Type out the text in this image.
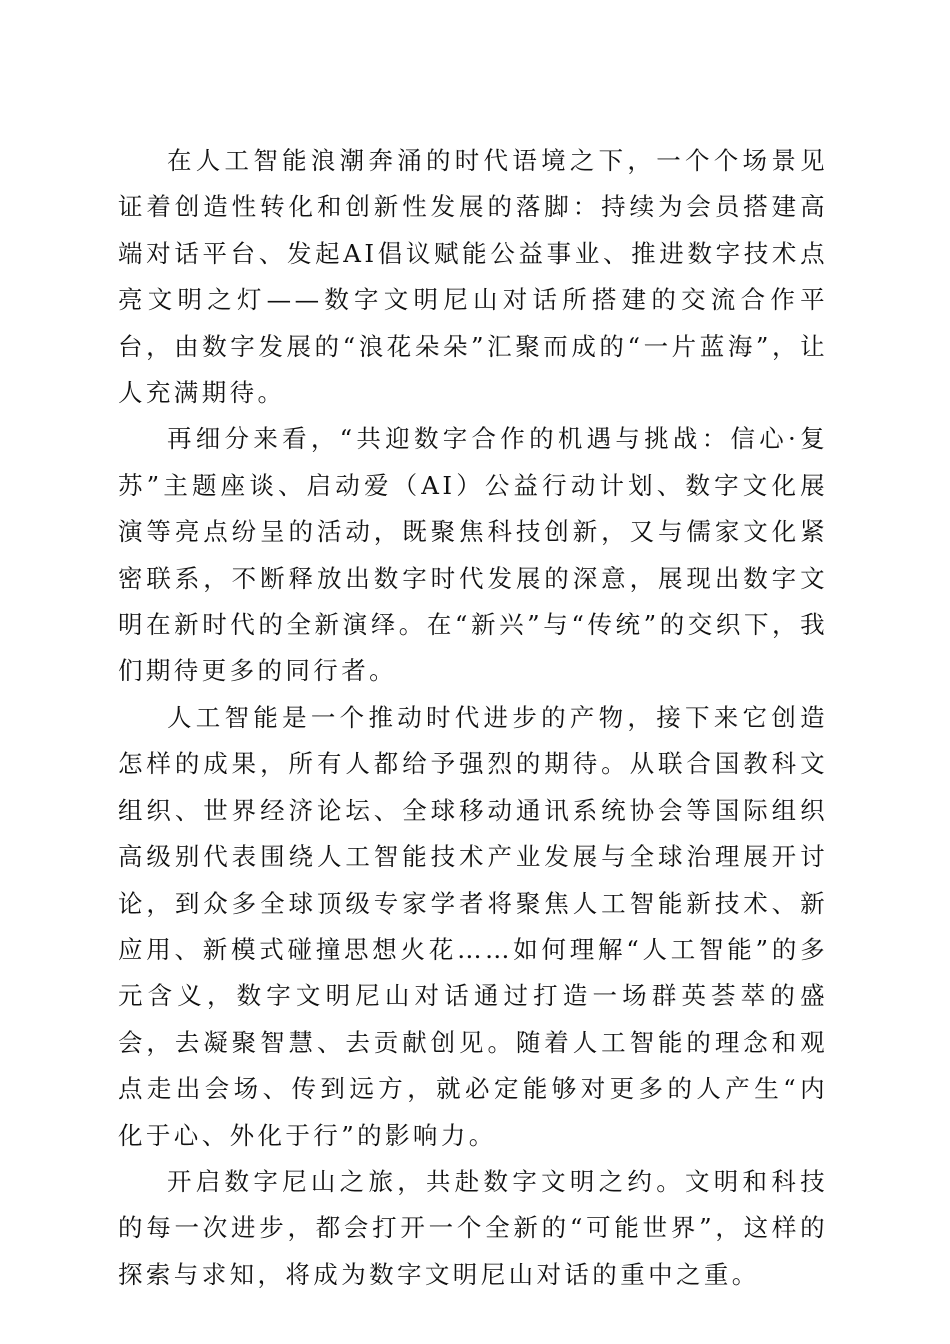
在人工智能浪潮奔涌的时代语境之下，一个个场景见证着创造性转化和创新性发展的落脚：持续为会员搭建高端对话平台、发起AI倡议赋能公益事业、推进数字技术点亮文明之灯——数字文明尼山对话所搭建的交流合作平台，由数字发展的“浪花朵朵”汇聚而成的“一片蓝海”，让人充满期待。

再细分来看，“共迎数字合作的机遇与挑战：信心·复苏”主题座谈、启动爱（AI）公益行动计划、数字文化展演等亮点纷呈的活动，既聚焦科技创新，又与儒家文化紧密联系，不断释放出数字时代发展的深意，展现出数字文明在新时代的全新演绎。在“新兴”与“传统”的交织下，我们期待更多的同行者。

人工智能是一个推动时代进步的产物，接下来它创造怎样的成果，所有人都给予强烈的期待。从联合国教科文组织、世界经济论坛、全球移动通讯系统协会等国际组织高级别代表围绕人工智能技术产业发展与全球治理展开讨论，到众多全球顶级专家学者将聚焦人工智能新技术、新应用、新模式碰撞思想火花……如何理解“人工智能”的多元含义，数字文明尼山对话通过打造一场群英荟萃的盛会，去凝聚智慧、去贡献创见。随着人工智能的理念和观点走出会场、传到远方，就必定能够对更多的人产生“内化于心、外化于行”的影响力。

开启数字尼山之旅，共赴数字文明之约。文明和科技的每一次进步，都会打开一个全新的“可能世界”，这样的探索与求知，将成为数字文明尼山对话的重中之重。
